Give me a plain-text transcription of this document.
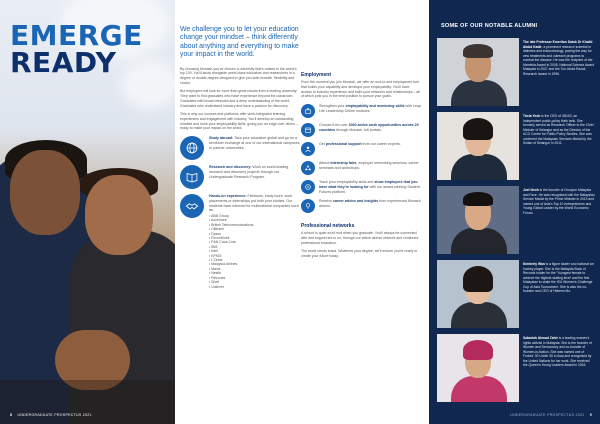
EMERGE
READY
8 UNDERGRADUATE PROSPECTUS 2021

We challenge you to let your education change your mindset – think differently about anything and everything to make your impact in the world.

By choosing Monash you've chosen a university that's ranked in the world's top 100. You'll study alongside world-class educators and researchers in a degree or double-degree designed to give you both breadth, flexibility and choice.

But employers will look for more than great results from a leading university. They want to find graduates who have experience beyond the classroom. Graduates with broad networks and a deep understanding of the world. Graduates who understand industry and have a passion for discovery.

This is why our courses and platforms offer work-integrated learning experiences and engagement with industry. You'll develop an outstanding mindset and hone your employability skills, giving you an edge over others – ready to make your impact on the world.

Study abroad: Take your education global and go for a semester exchange at one of our international campuses or partner universities.
Research and discovery: Work on world-leading research and discovery projects through our Undergraduate Research Program.
Hands-on experience: Fieldwork, study tours, work placements or internships put both your studies. Our students have interned for multinational companies such as:
• ABB Group
• Accenture
• British Telecommunications
• Citibank
• Dyson
• ExxonMobil
• F&N Coca-Cola
• IBM
• Intel
• KPMG
• L'Oréal
• Malaysia Airlines
• Maxis
• Nestlé
• Petronas
• Shell
• Unilever
Employment

From the moment you join Monash, we offer an end-to-end employment hub that builds your capability and develops your employability. You'll have access to industry experience and build your networks and relationships – all of which puts you in the best position to pursue your goals.

Strengthen your employability and mentoring skills with Leap Life Leadership Online modules.
Choose from over 1000 active work opportunities across 20 countries through Monash Job portals.
Get professional support from our career experts.
Attend internship fairs, employer networking sessions, career seminars and workshops.
Track your employability skills and show employers that you have what they're looking for with our award-winning Student Futures platform.
Receive career advice and insights from experienced Monash alumni.
Professional networks

A school is quiet won't end when you graduate. You'll always be connected with and support led to us, through our active alumni network and continued professional education.

The world needs leads. Whatever your degree, we'll ensure you're ready to create your future today.

SOME OF OUR NOTABLE ALUMNI
The late Professor Emeritus Datuk Dr Khalid Abdul Kadir, a prominent research scientist in diabetes and endocrinology, paving the way for new treatments and outreach programs to combat the disease. He was the recipient of the Merdeka Award in 2008, National Science Award Malaysia in 2007 and the Tun Abdul Razak Research Award in 1996.
Tricia Yeoh is the CEO of IDEAS, an independent public policy think tank. She formerly served as Research Officer to the Chief Minister of Selangor and as the Director of the ACG Centre for Public Policy Studies. She was conferred the Malaysian Services Medal by the Sultan of Selangor in 2011.
Joel Neoh is the founder of Groupon Malaysia and Fave. He was recognised with the Malaysian Service Medal by the Prime Minister in 2013 and named one of Asia's Top 10 entrepreneurs and Young Global Leader by the World Economic Forum.
Kimberly Wan is a figure skater and national ice hockey player. She is the Malaysia Book of Records holder for the 'Youngest female to achieve the highest skating level' and the first Malaysian to skate the ISU Women's Challenge Cup of Asia Tournament. She is also the co-founder and CEO of Hebrew Mo.
Sabariah Ahmad Zahir is a leading women's rights activist in Malaysia. She is the founder of Women and Democracy and co-founder of Women-in-Nation. She was named one of Forbes' 30 Under 30 in Asia and recognised by the United Nations for her work. She received the Queen's Young Leaders Award in 2016.
UNDERGRADUATE PROSPECTUS 2021 9
